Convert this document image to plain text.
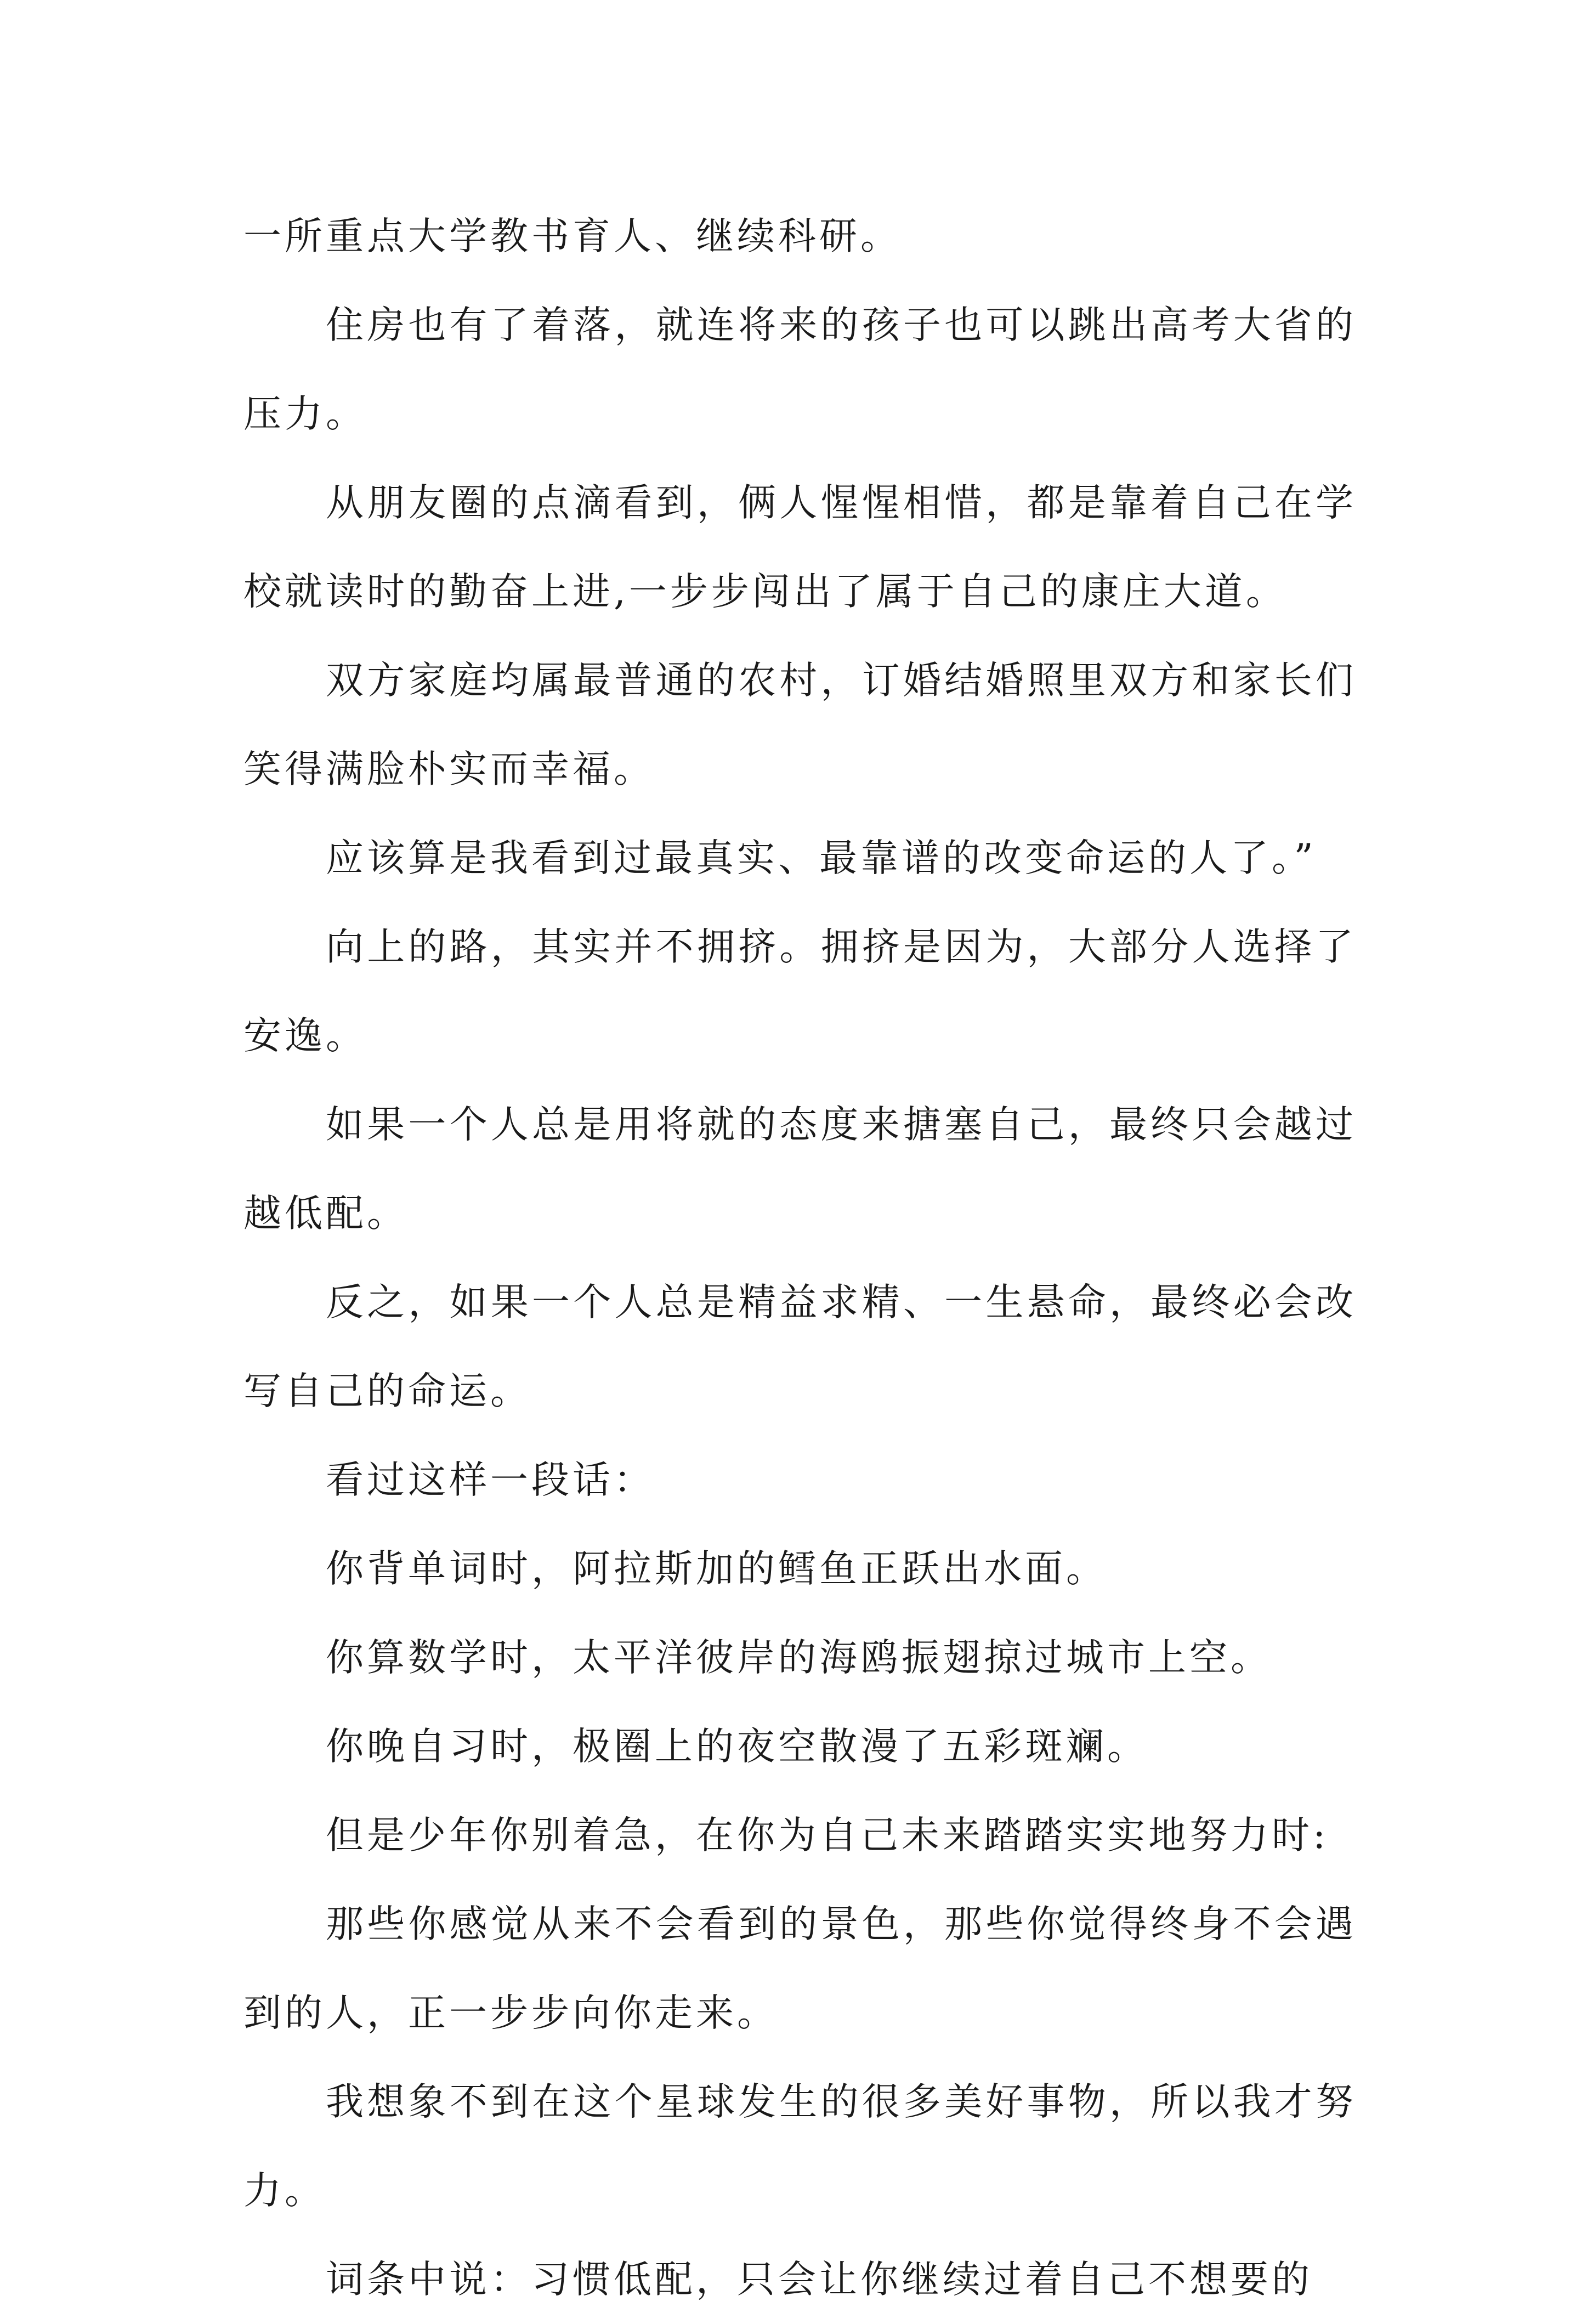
一所重点大学教书育人、继续科研。

住房也有了着落，就连将来的孩子也可以跳出高考大省的压力。

从朋友圈的点滴看到，俩人惺惺相惜，都是靠着自己在学校就读时的勤奋上进,一步步闯出了属于自己的康庄大道。

双方家庭均属最普通的农村，订婚结婚照里双方和家长们笑得满脸朴实而幸福。

应该算是我看到过最真实、最靠谱的改变命运的人了。”

向上的路，其实并不拥挤。拥挤是因为，大部分人选择了安逸。

如果一个人总是用将就的态度来搪塞自己，最终只会越过越低配。

反之，如果一个人总是精益求精、一生悬命，最终必会改写自己的命运。

看过这样一段话：

你背单词时，阿拉斯加的鳕鱼正跃出水面。

你算数学时，太平洋彼岸的海鸥振翅掠过城市上空。

你晚自习时，极圈上的夜空散漫了五彩斑斓。

但是少年你别着急，在你为自己未来踏踏实实地努力时:

那些你感觉从来不会看到的景色，那些你觉得终身不会遇到的人，正一步步向你走来。

我想象不到在这个星球发生的很多美好事物，所以我才努力。

词条中说：习惯低配，只会让你继续过着自己不想要的
